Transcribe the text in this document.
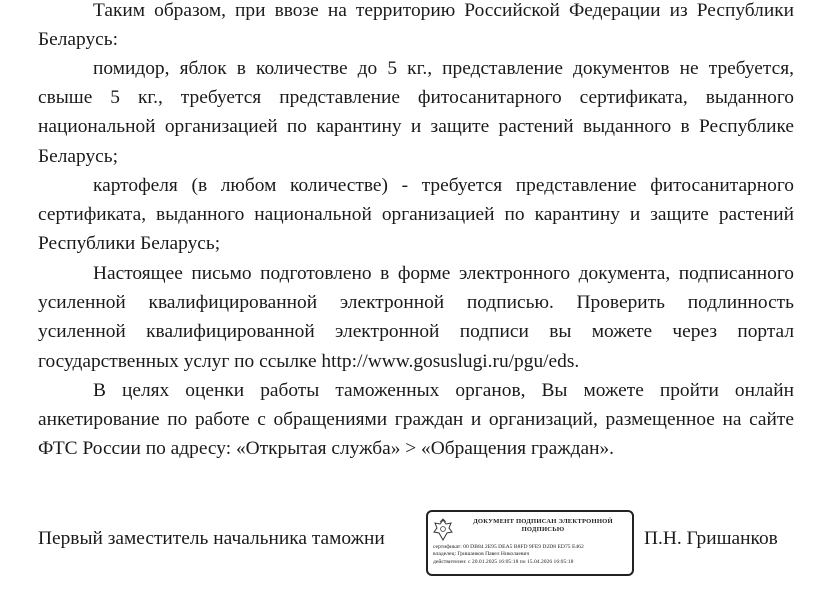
Таким образом, при ввозе на территорию Российской Федерации из Республики Беларусь:

помидор, яблок в количестве до 5 кг., представление документов не требуется, свыше 5 кг., требуется представление фитосанитарного сертификата, выданного национальной организацией по карантину и защите растений выданного в Республике Беларусь;

картофеля (в любом количестве) - требуется представление фитосанитарного сертификата, выданного национальной организацией по карантину и защите растений Республики Беларусь;

Настоящее письмо подготовлено в форме электронного документа, подписанного усиленной квалифицированной электронной подписью. Проверить подлинность усиленной квалифицированной электронной подписи вы можете через портал государственных услуг по ссылке http://www.gosuslugi.ru/pgu/eds.

В целях оценки работы таможенных органов, Вы можете пройти онлайн анкетирование по работе с обращениями граждан и организаций, размещенное на сайте ФТС России по адресу: «Открытая служба» > «Обращения граждан».

Первый заместитель начальника таможни
ДОКУМЕНТ ПОДПИСАН ЭЛЕКТРОННОЙ ПОДПИСЬЮ
сертификат: 00 DB84 2E95 DEA5 B8FD 9FE9 D2D8 ED75 E462
владелец: Гришанков Павел Николаевич
действителен: с 20.01.2025 16:05:18 по 15.04.2026 16:05:18
П.Н. Гришанков
